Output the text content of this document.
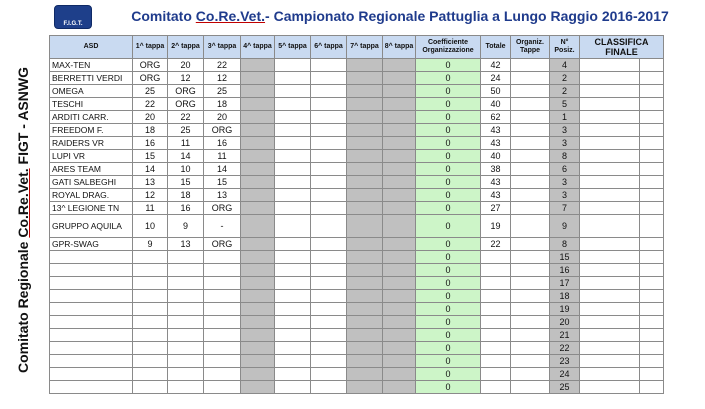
Comitato Regionale Co.Re.Vet. FIGT - ASNWG
F.I.G.T.	Comitato Co.Re.Vet.- Campionato Regionale Pattuglia a Lungo Raggio 2016-2017
ASD	1^ tappa	2^ tappa	3^ tappa	4^ tappa	5^ tappa	6^ tappa	7^ tappa	8^ tappa	Coefficiente Organizzazione	Totale	Organiz. Tappe	N° Posiz.	CLASSIFICA FINALE	
MAX-TEN	ORG	20	22						0	42		4		
BERRETTI VERDI	ORG	12	12						0	24		2		
OMEGA	25	ORG	25						0	50		2		
TESCHI	22	ORG	18						0	40		5		
ARDITI CARR.	20	22	20						0	62		1		
FREEDOM F.	18	25	ORG						0	43		3		
RAIDERS VR	16	11	16						0	43		3		
LUPI VR	15	14	11						0	40		8		
ARES TEAM	14	10	14						0	38		6		
GATI SALBEGHI	13	15	15						0	43		3		
ROYAL DRAG.	12	18	13						0	43		3		
13^ LEGIONE TN	11	16	ORG						0	27		7		
GRUPPO AQUILA	10	9	-						0	19		9		
GPR-SWAG	9	13	ORG						0	22		8		
									0			15		
									0			16		
									0			17		
									0			18		
									0			19		
									0			20		
									0			21		
									0			22		
									0			23		
									0			24		
									0			25		
